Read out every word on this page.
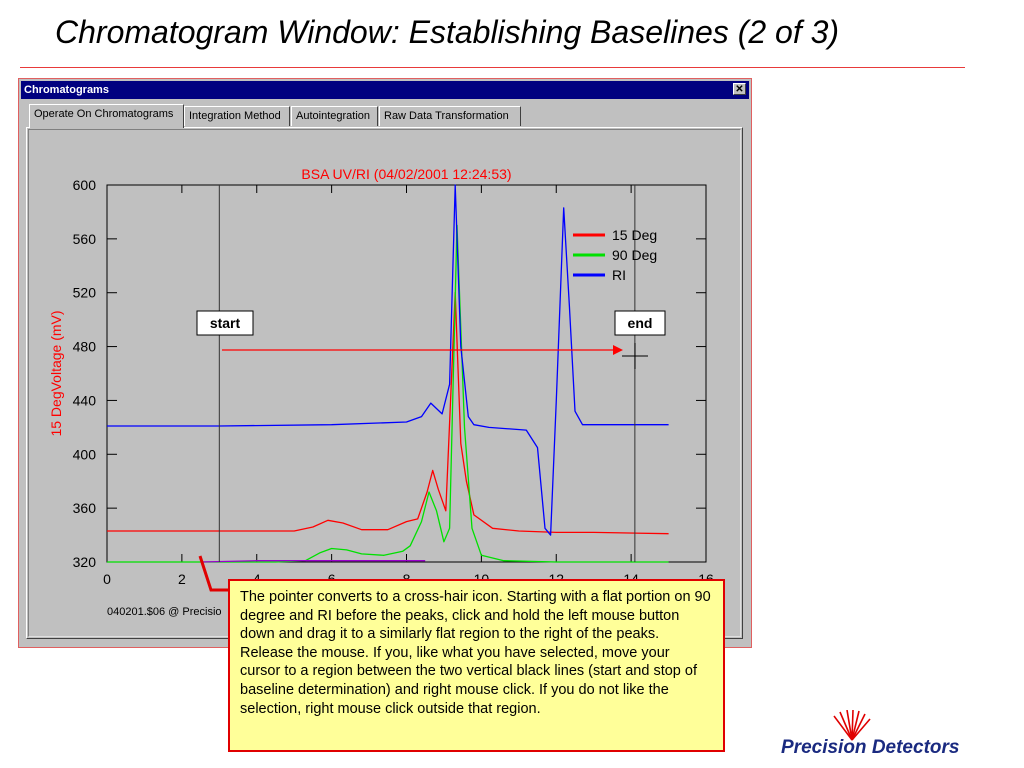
Chromatogram Window: Establishing Baselines (2 of 3)
Chromatograms	✕
Operate On Chromatograms	Integration Method	Autointegration	Raw Data Transformation
320
360
400
440
480
520
560
600
0	2
BSA UV/RI (04/02/2001 12:24:53)
15 DegVoltage (mV)
15 Deg
90 Deg
RI
start	end
040201.$06 @ Precisio
The pointer converts to a cross-hair icon. Starting with a flat portion on 90 degree and RI before the peaks, click and hold the left mouse button down and drag it to a similarly flat region to the right of the peaks. Release the mouse. If you, like what you have selected, move your cursor to a region between the two vertical black lines (start and stop of baseline determination) and right mouse click. If you do not like the selection, right mouse click outside that region.
Precision Detectors
